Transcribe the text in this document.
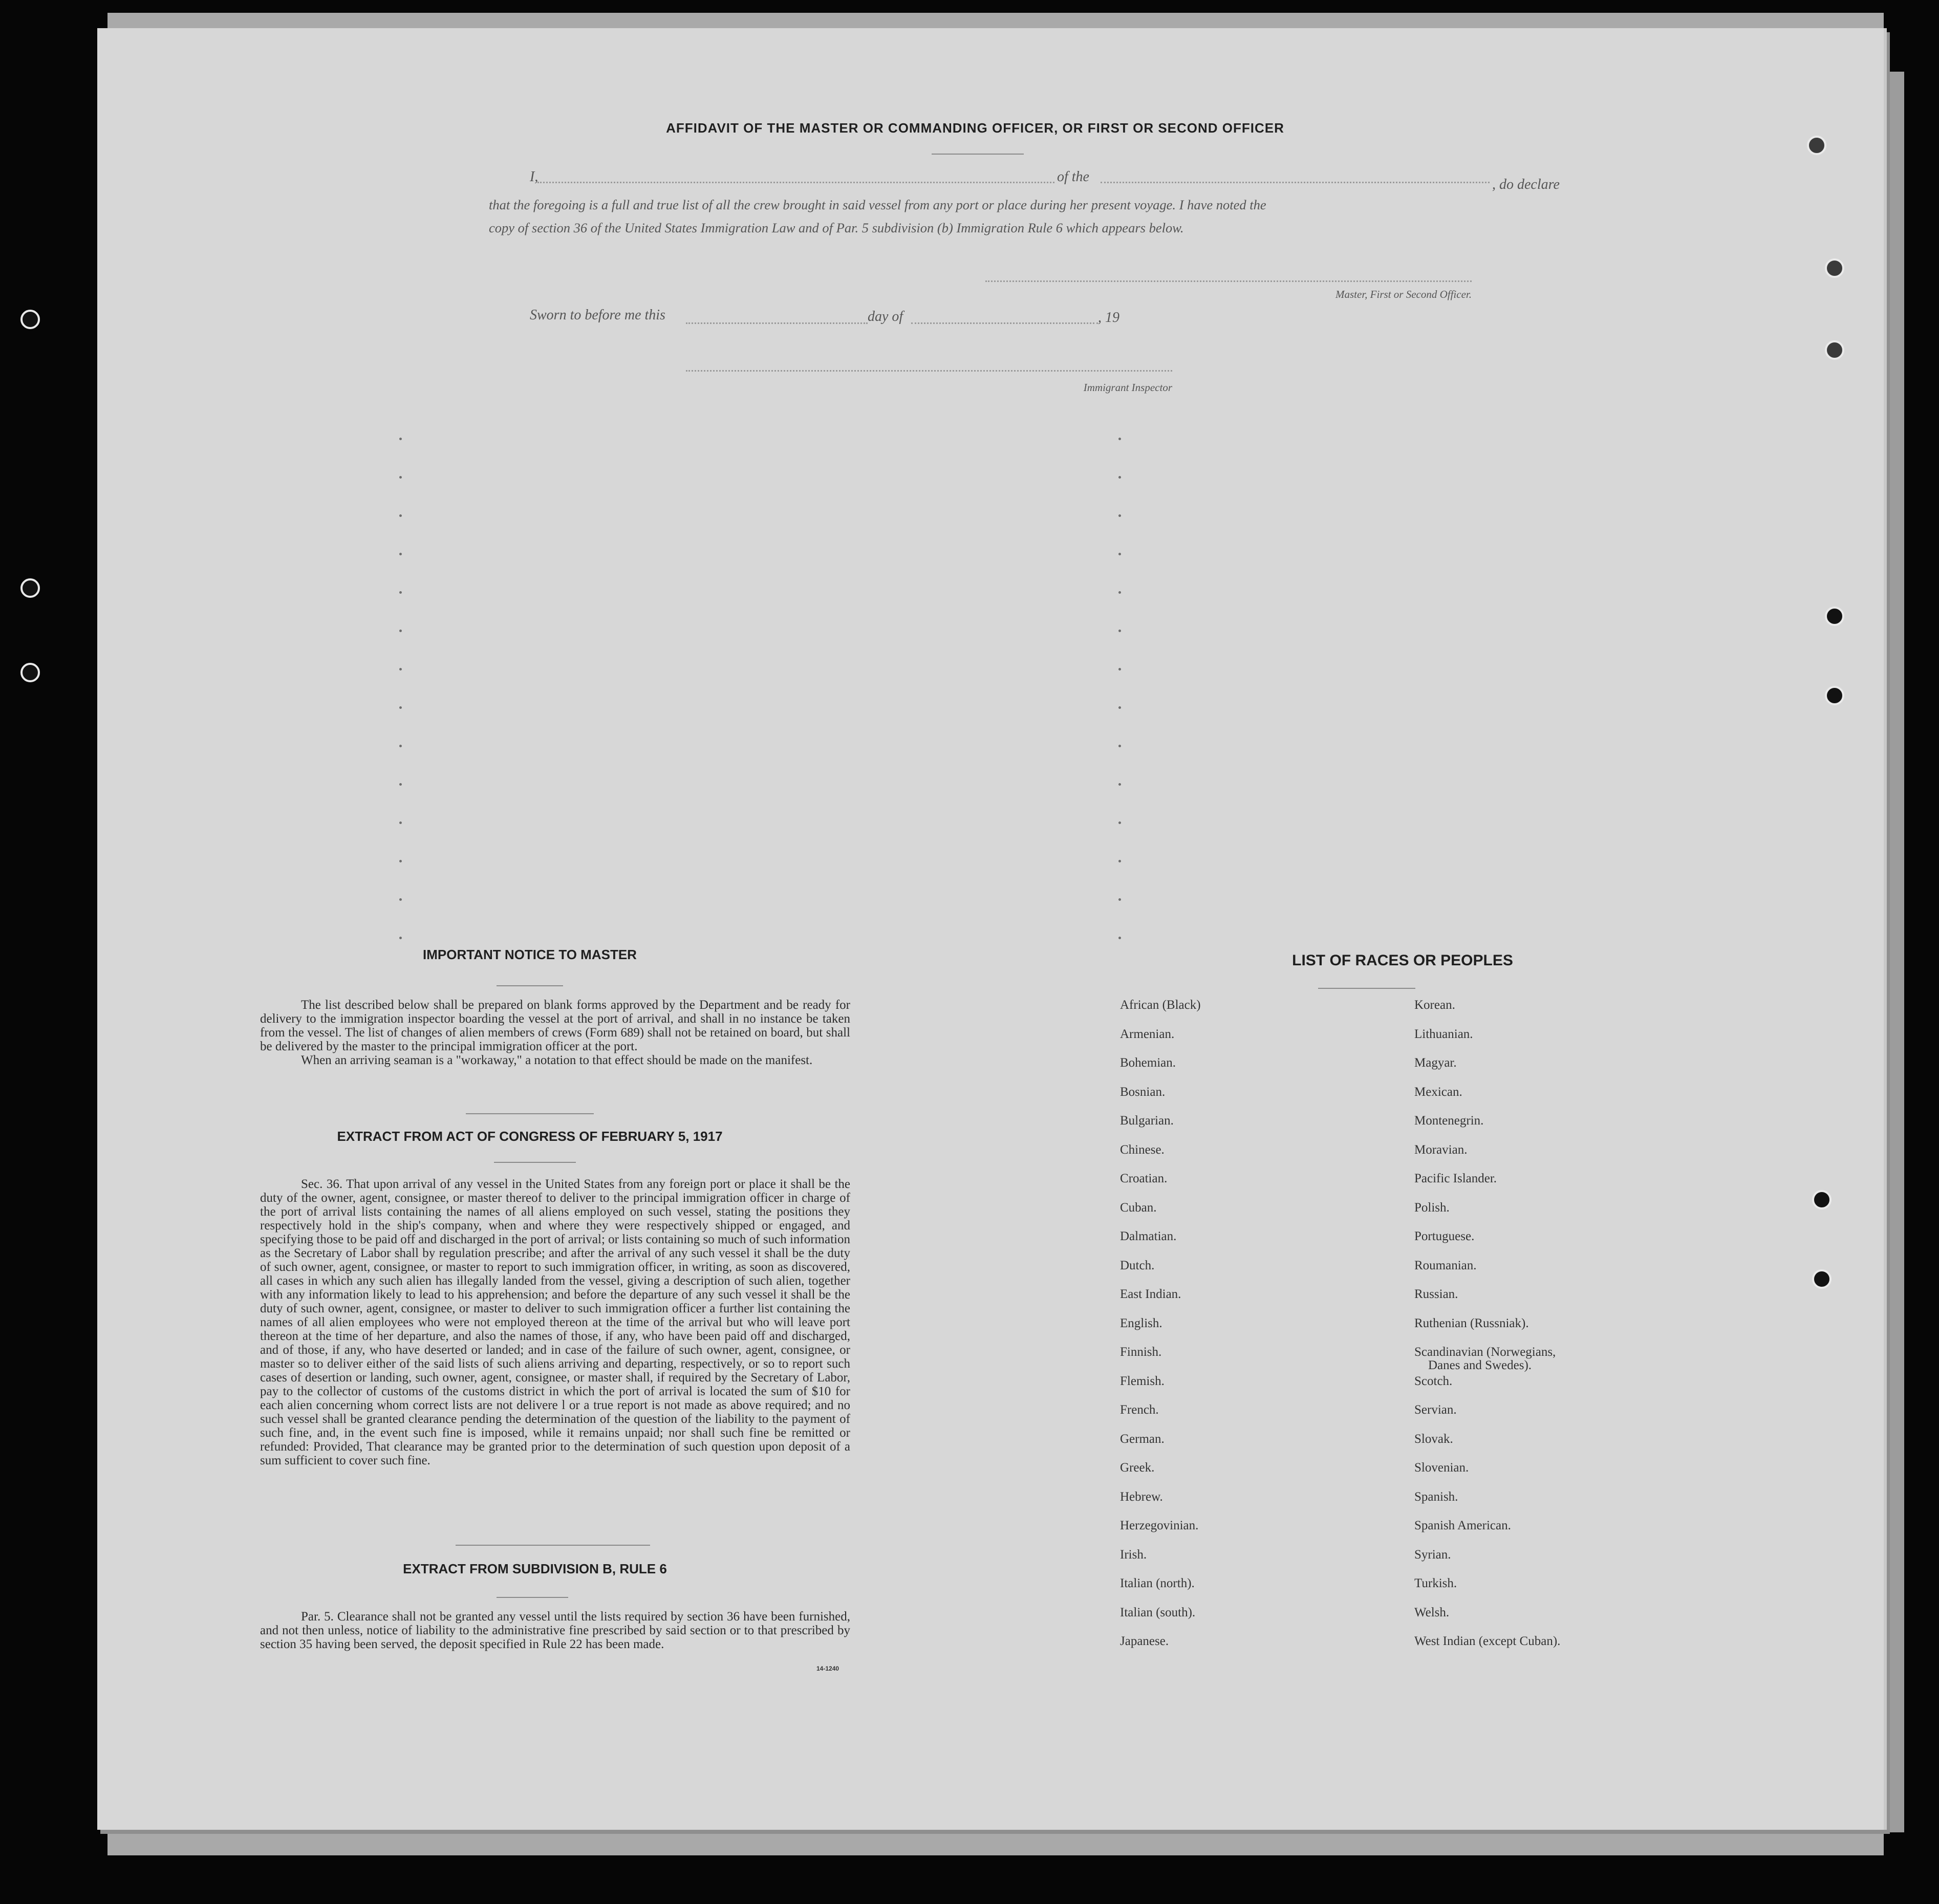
AFFIDAVIT OF THE MASTER OR COMMANDING OFFICER, OR FIRST OR SECOND OFFICER
I,	of the	, do declare
that the foregoing is a full and true list of all the crew brought in said vessel from any port or place during her present voyage. I have noted the
copy of section 36 of the United States Immigration Law and of Par. 5 subdivision (b) Immigration Rule 6 which appears below.
Master, First or Second Officer.
Sworn to before me this	day of	, 19
Immigrant Inspector
IMPORTANT NOTICE TO MASTER

The list described below shall be prepared on blank forms approved by the Department and be ready for delivery to the immigration inspector boarding the vessel at the port of arrival, and shall in no instance be taken from the vessel. The list of changes of alien members of crews (Form 689) shall not be retained on board, but shall be delivered by the master to the principal immigration officer at the port.

When an arriving seaman is a "workaway," a notation to that effect should be made on the manifest.

EXTRACT FROM ACT OF CONGRESS OF FEBRUARY 5, 1917

Sec. 36. That upon arrival of any vessel in the United States from any foreign port or place it shall be the duty of the owner, agent, consignee, or master thereof to deliver to the principal immigration officer in charge of the port of arrival lists containing the names of all aliens employed on such vessel, stating the positions they respectively hold in the ship's company, when and where they were respectively shipped or engaged, and specifying those to be paid off and discharged in the port of arrival; or lists containing so much of such information as the Secretary of Labor shall by regulation prescribe; and after the arrival of any such vessel it shall be the duty of such owner, agent, consignee, or master to report to such immigration officer, in writing, as soon as discovered, all cases in which any such alien has illegally landed from the vessel, giving a description of such alien, together with any information likely to lead to his apprehension; and before the departure of any such vessel it shall be the duty of such owner, agent, consignee, or master to deliver to such immigration officer a further list containing the names of all alien employees who were not employed thereon at the time of the arrival but who will leave port thereon at the time of her departure, and also the names of those, if any, who have been paid off and discharged, and of those, if any, who have deserted or landed; and in case of the failure of such owner, agent, consignee, or master so to deliver either of the said lists of such aliens arriving and departing, respectively, or so to report such cases of desertion or landing, such owner, agent, consignee, or master shall, if required by the Secretary of Labor, pay to the collector of customs of the customs district in which the port of arrival is located the sum of $10 for each alien concerning whom correct lists are not delivere l or a true report is not made as above required; and no such vessel shall be granted clearance pending the determination of the question of the liability to the payment of such fine, and, in the event such fine is imposed, while it remains unpaid; nor shall such fine be remitted or refunded: Provided, That clearance may be granted prior to the determination of such question upon deposit of a sum sufficient to cover such fine.

EXTRACT FROM SUBDIVISION B, RULE 6

Par. 5. Clearance shall not be granted any vessel until the lists required by section 36 have been furnished, and not then unless, notice of liability to the administrative fine prescribed by said section or to that prescribed by section 35 having been served, the deposit specified in Rule 22 has been made.

14-1240
LIST OF RACES OR PEOPLES
African (Black)
Armenian.
Bohemian.
Bosnian.
Bulgarian.
Chinese.
Croatian.
Cuban.
Dalmatian.
Dutch.
East Indian.
English.
Finnish.
Flemish.
French.
German.
Greek.
Hebrew.
Herzegovinian.
Irish.
Italian (north).
Italian (south).
Japanese.
Korean.
Lithuanian.
Magyar.
Mexican.
Montenegrin.
Moravian.
Pacific Islander.
Polish.
Portuguese.
Roumanian.
Russian.
Ruthenian (Russniak).
Scandinavian (Norwegians,
Danes and Swedes).
Scotch.
Servian.
Slovak.
Slovenian.
Spanish.
Spanish American.
Syrian.
Turkish.
Welsh.
West Indian (except Cuban).
